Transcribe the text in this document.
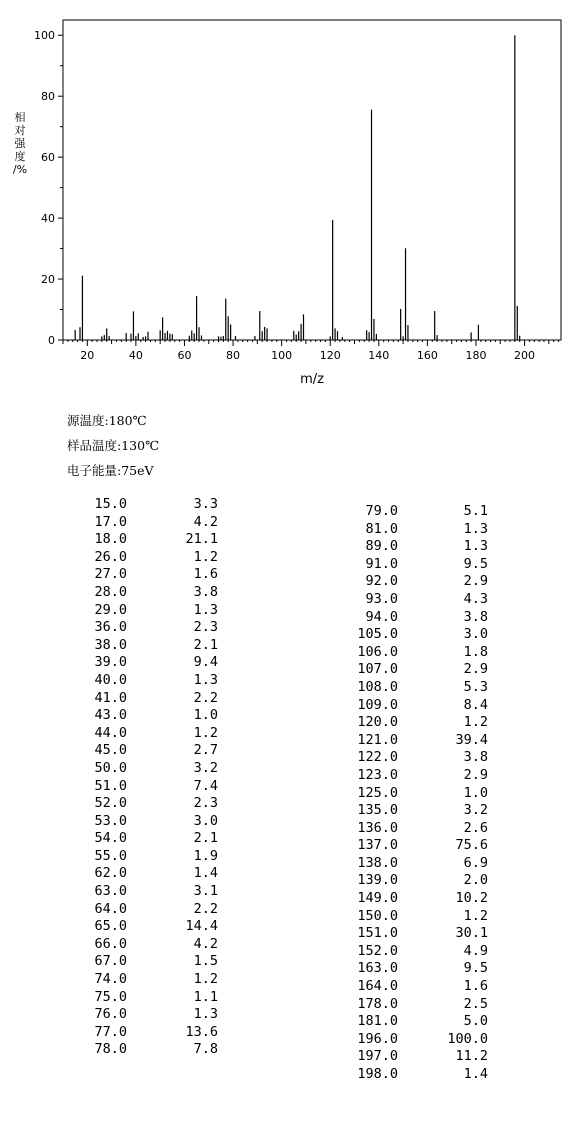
0
20
40
60
80
100
20	40	60	80	100	120	140	160	180	200
m/z
相
对
强
度
/%
源温度:180℃
样品温度:130℃
电子能量:75eV
15.0	3.3
17.0	4.2
18.0	21.1
26.0	1.2
27.0	1.6
28.0	3.8
29.0	1.3
36.0	2.3
38.0	2.1
39.0	9.4
40.0	1.3
41.0	2.2
43.0	1.0
44.0	1.2
45.0	2.7
50.0	3.2
51.0	7.4
52.0	2.3
53.0	3.0
54.0	2.1
55.0	1.9
62.0	1.4
63.0	3.1
64.0	2.2
65.0	14.4
66.0	4.2
67.0	1.5
74.0	1.2
75.0	1.1
76.0	1.3
77.0	13.6
78.0	7.8
79.0	5.1
81.0	1.3
89.0	1.3
91.0	9.5
92.0	2.9
93.0	4.3
94.0	3.8
105.0	3.0
106.0	1.8
107.0	2.9
108.0	5.3
109.0	8.4
120.0	1.2
121.0	39.4
122.0	3.8
123.0	2.9
125.0	1.0
135.0	3.2
136.0	2.6
137.0	75.6
138.0	6.9
139.0	2.0
149.0	10.2
150.0	1.2
151.0	30.1
152.0	4.9
163.0	9.5
164.0	1.6
178.0	2.5
181.0	5.0
196.0	100.0
197.0	11.2
198.0	1.4
